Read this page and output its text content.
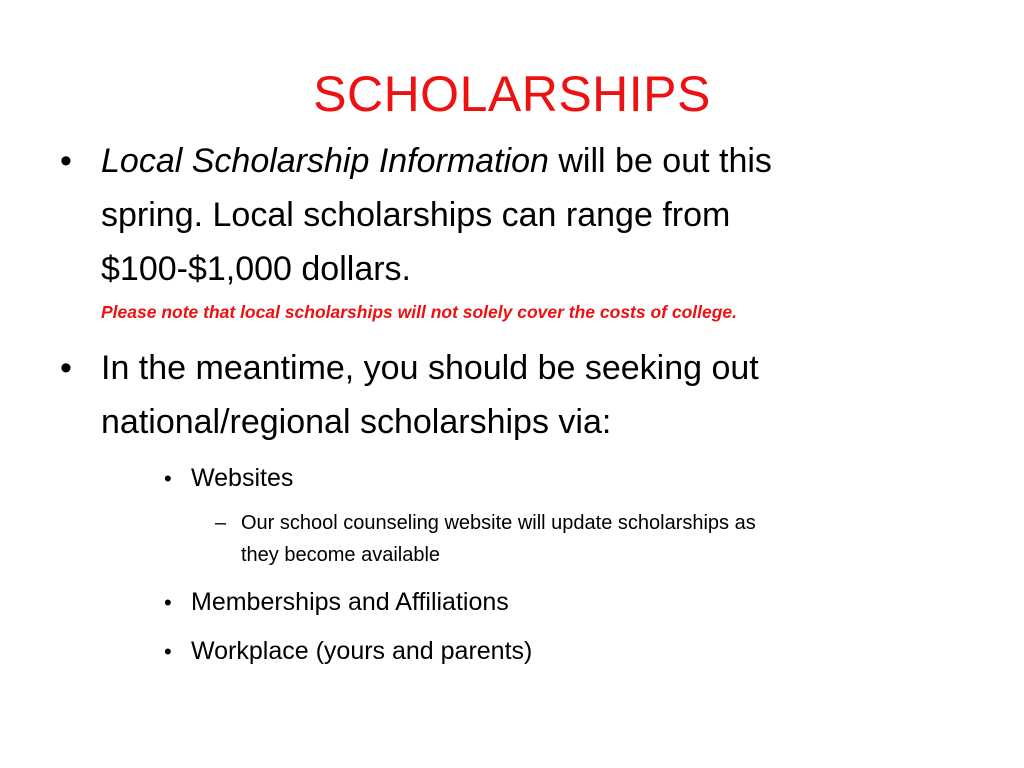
SCHOLARSHIPS
• Local Scholarship Information will be out this
spring. Local scholarships can range from
$100-$1,000 dollars.
Please note that local scholarships will not solely cover the costs of college.
• In the meantime, you should be seeking out
national/regional scholarships via:
• Websites
– Our school counseling website will update scholarships as
they become available
• Memberships and Affiliations
• Workplace (yours and parents)
